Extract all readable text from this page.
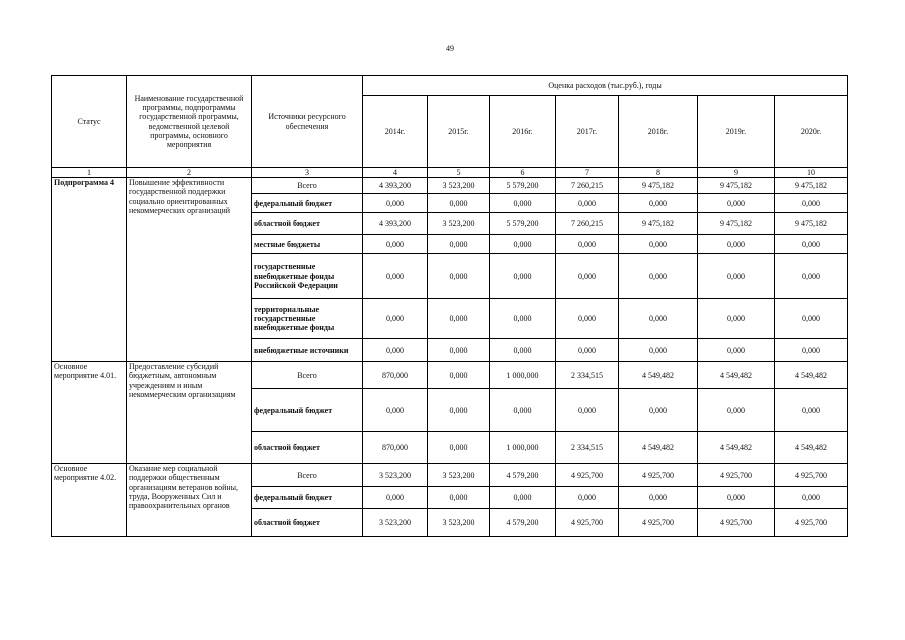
49
Статус	Наименование государственной программы, подпрограммы государственной программы, ведомственной целевой программы, основного мероприятия	Источники ресурсного обеспечения	Оценка расходов (тыс.руб.), годы						
			2014г.	2015г.	2016г.	2017г.	2018г.	2019г.	2020г.
1	2	3	4	5	6	7	8	9	10
Подпрограмма 4	Повышение эффективности государственной поддержки социально ориентированных некоммерческих организаций	Всего	4 393,200	3 523,200	5 579,200	7 260,215	9 475,182	9 475,182	9 475,182
		федеральный бюджет	0,000	0,000	0,000	0,000	0,000	0,000	0,000
		областной бюджет	4 393,200	3 523,200	5 579,200	7 260,215	9 475,182	9 475,182	9 475,182
		местные бюджеты	0,000	0,000	0,000	0,000	0,000	0,000	0,000
		государственные внебюджетные фонды Российской Федерации	0,000	0,000	0,000	0,000	0,000	0,000	0,000
		территориальные государственные внебюджетные фонды	0,000	0,000	0,000	0,000	0,000	0,000	0,000
		внебюджетные источники	0,000	0,000	0,000	0,000	0,000	0,000	0,000
Основное мероприятие 4.01.	Предоставление субсидий бюджетным, автономным учреждениям и иным некоммерческим организациям	Всего	870,000	0,000	1 000,000	2 334,515	4 549,482	4 549,482	4 549,482
		федеральный бюджет	0,000	0,000	0,000	0,000	0,000	0,000	0,000
		областной бюджет	870,000	0,000	1 000,000	2 334,515	4 549,482	4 549,482	4 549,482
Основное мероприятие 4.02.	Оказание мер социальной поддержки общественным организациям ветеранов войны, труда, Вооруженных Сил и правоохранительных органов	Всего	3 523,200	3 523,200	4 579,200	4 925,700	4 925,700	4 925,700	4 925,700
		федеральный бюджет	0,000	0,000	0,000	0,000	0,000	0,000	0,000
		областной бюджет	3 523,200	3 523,200	4 579,200	4 925,700	4 925,700	4 925,700	4 925,700
